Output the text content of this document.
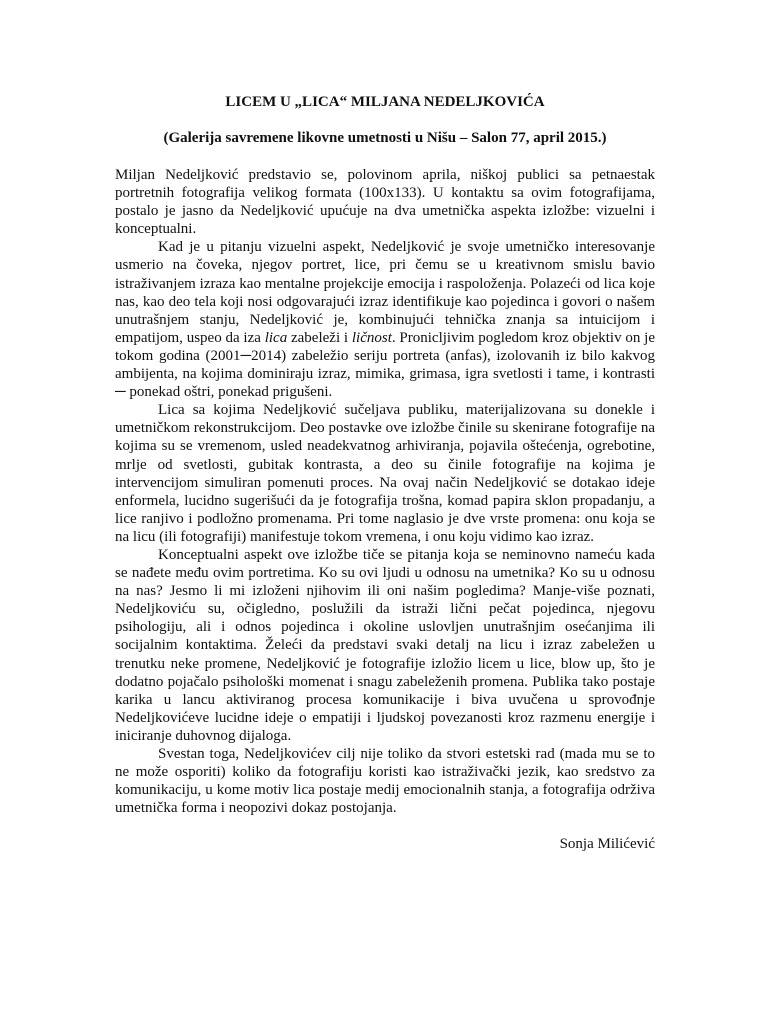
LICEM U „LICA“ MILJANA NEDELJKOVIĆA
(Galerija savremene likovne umetnosti u Nišu – Salon 77, april 2015.)

Miljan Nedeljković predstavio se, polovinom aprila, niškoj publici sa petnaestak portretnih fotografija velikog formata (100x133). U kontaktu sa ovim fotografijama, postalo je jasno da Nedeljković upućuje na dva umetnička aspekta izložbe: vizuelni i konceptualni.

Kad je u pitanju vizuelni aspekt, Nedeljković je svoje umetničko interesovanje usmerio na čoveka, njegov portret, lice, pri čemu se u kreativnom smislu bavio istraživanjem izraza kao mentalne projekcije emocija i raspoloženja. Polazeći od lica koje nas, kao deo tela koji nosi odgovarajući izraz identifikuje kao pojedinca i govori o našem unutrašnjem stanju, Nedeljković je, kombinujući tehnička znanja sa intuicijom i empatijom, uspeo da iza lica zabeleži i ličnost. Pronicljivim pogledom kroz objektiv on je tokom godina (2001─2014) zabeležio seriju portreta (anfas), izolovanih iz bilo kakvog ambijenta, na kojima dominiraju izraz, mimika, grimasa, igra svetlosti i tame, i kontrasti ─ ponekad oštri, ponekad prigušeni.

Lica sa kojima Nedeljković sučeljava publiku, materijalizovana su donekle i umetničkom rekonstrukcijom. Deo postavke ove izložbe činile su skenirane fotografije na kojima su se vremenom, usled neadekvatnog arhiviranja, pojavila oštećenja, ogrebotine, mrlje od svetlosti, gubitak kontrasta, a deo su činile fotografije na kojima je intervencijom simuliran pomenuti proces. Na ovaj način Nedeljković se dotakao ideje enformela, lucidno sugerišući da je fotografija trošna, komad papira sklon propadanju, a lice ranjivo i podložno promenama. Pri tome naglasio je dve vrste promena: onu koja se na licu (ili fotografiji) manifestuje tokom vremena, i onu koju vidimo kao izraz.

Konceptualni aspekt ove izložbe tiče se pitanja koja se neminovno nameću kada se nađete među ovim portretima. Ko su ovi ljudi u odnosu na umetnika? Ko su u odnosu na nas? Jesmo li mi izloženi njihovim ili oni našim pogledima? Manje-više poznati, Nedeljkoviću su, očigledno, poslužili da istraži lični pečat pojedinca, njegovu psihologiju, ali i odnos pojedinca i okoline uslovljen unutrašnjim osećanjima ili socijalnim kontaktima. Želeći da predstavi svaki detalj na licu i izraz zabeležen u trenutku neke promene, Nedeljković je fotografije izložio licem u lice, blow up, što je dodatno pojačalo psihološki momenat i snagu zabeleženih promena. Publika tako postaje karika u lancu aktiviranog procesa komunikacije i biva uvučena u sprovođnje Nedeljkovićeve lucidne ideje o empatiji i ljudskoj povezanosti kroz razmenu energije i iniciranje duhovnog dijaloga.

Svestan toga, Nedeljkovićev cilj nije toliko da stvori estetski rad (mada mu se to ne može osporiti) koliko da fotografiju koristi kao istraživački jezik, kao sredstvo za komunikaciju, u kome motiv lica postaje medij emocionalnih stanja, a fotografija održiva umetnička forma i neopozivi dokaz postojanja.

Sonja Milićević
